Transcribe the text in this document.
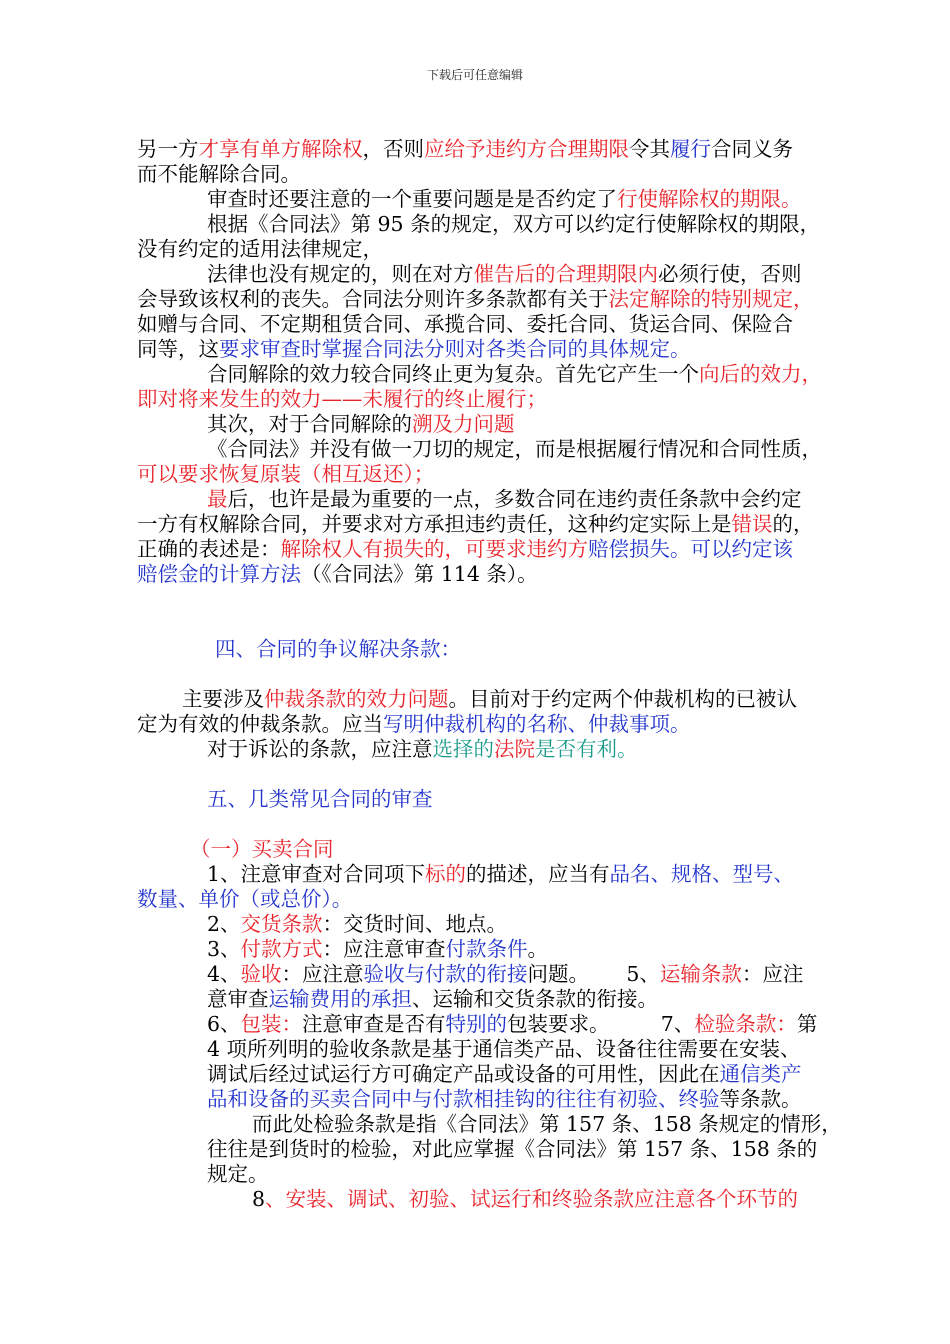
下载后可任意编辑
另一方才享有单方解除权，否则应给予违约方合理期限令其履行合同义务
而不能解除合同。
审查时还要注意的一个重要问题是是否约定了行使解除权的期限。
根据《合同法》第 95 条的规定，双方可以约定行使解除权的期限，
没有约定的适用法律规定，
法律也没有规定的，则在对方催告后的合理期限内必须行使，否则
会导致该权利的丧失。合同法分则许多条款都有关于法定解除的特别规定，
如赠与合同、不定期租赁合同、承揽合同、委托合同、货运合同、保险合
同等，这要求审查时掌握合同法分则对各类合同的具体规定。
合同解除的效力较合同终止更为复杂。首先它产生一个向后的效力，
即对将来发生的效力——未履行的终止履行；
其次，对于合同解除的溯及力问题
《合同法》并没有做一刀切的规定，而是根据履行情况和合同性质，
可以要求恢复原装（相互返还）；
最后，也许是最为重要的一点，多数合同在违约责任条款中会约定
一方有权解除合同，并要求对方承担违约责任，这种约定实际上是错误的，
正确的表述是：解除权人有损失的，可要求违约方赔偿损失。可以约定该
赔偿金的计算方法（《合同法》第 114 条）。
四、合同的争议解决条款：
主要涉及仲裁条款的效力问题。目前对于约定两个仲裁机构的已被认
定为有效的仲裁条款。应当写明仲裁机构的名称、仲裁事项。
对于诉讼的条款，应注意选择的法院是否有利。
五、几类常见合同的审查
（一）买卖合同
1、注意审查对合同项下标的的描述，应当有品名、规格、型号、
数量、单价（或总价）。
2、交货条款：交货时间、地点。
3、付款方式：应注意审查付款条件。
4、验收：应注意验收与付款的衔接问题。　　 5、运输条款：应注
意审查运输费用的承担、运输和交货条款的衔接。
6、包装：注意审查是否有特别的包装要求。　　　7、检验条款：第
4 项所列明的验收条款是基于通信类产品、设备往往需要在安装、
调试后经过试运行方可确定产品或设备的可用性，因此在通信类产
品和设备的买卖合同中与付款相挂钩的往往有初验、终验等条款。
而此处检验条款是指《合同法》第 157 条、158 条规定的情形，
往往是到货时的检验，对此应掌握《合同法》第 157 条、158 条的
规定。
8、安装、调试、初验、试运行和终验条款应注意各个环节的
